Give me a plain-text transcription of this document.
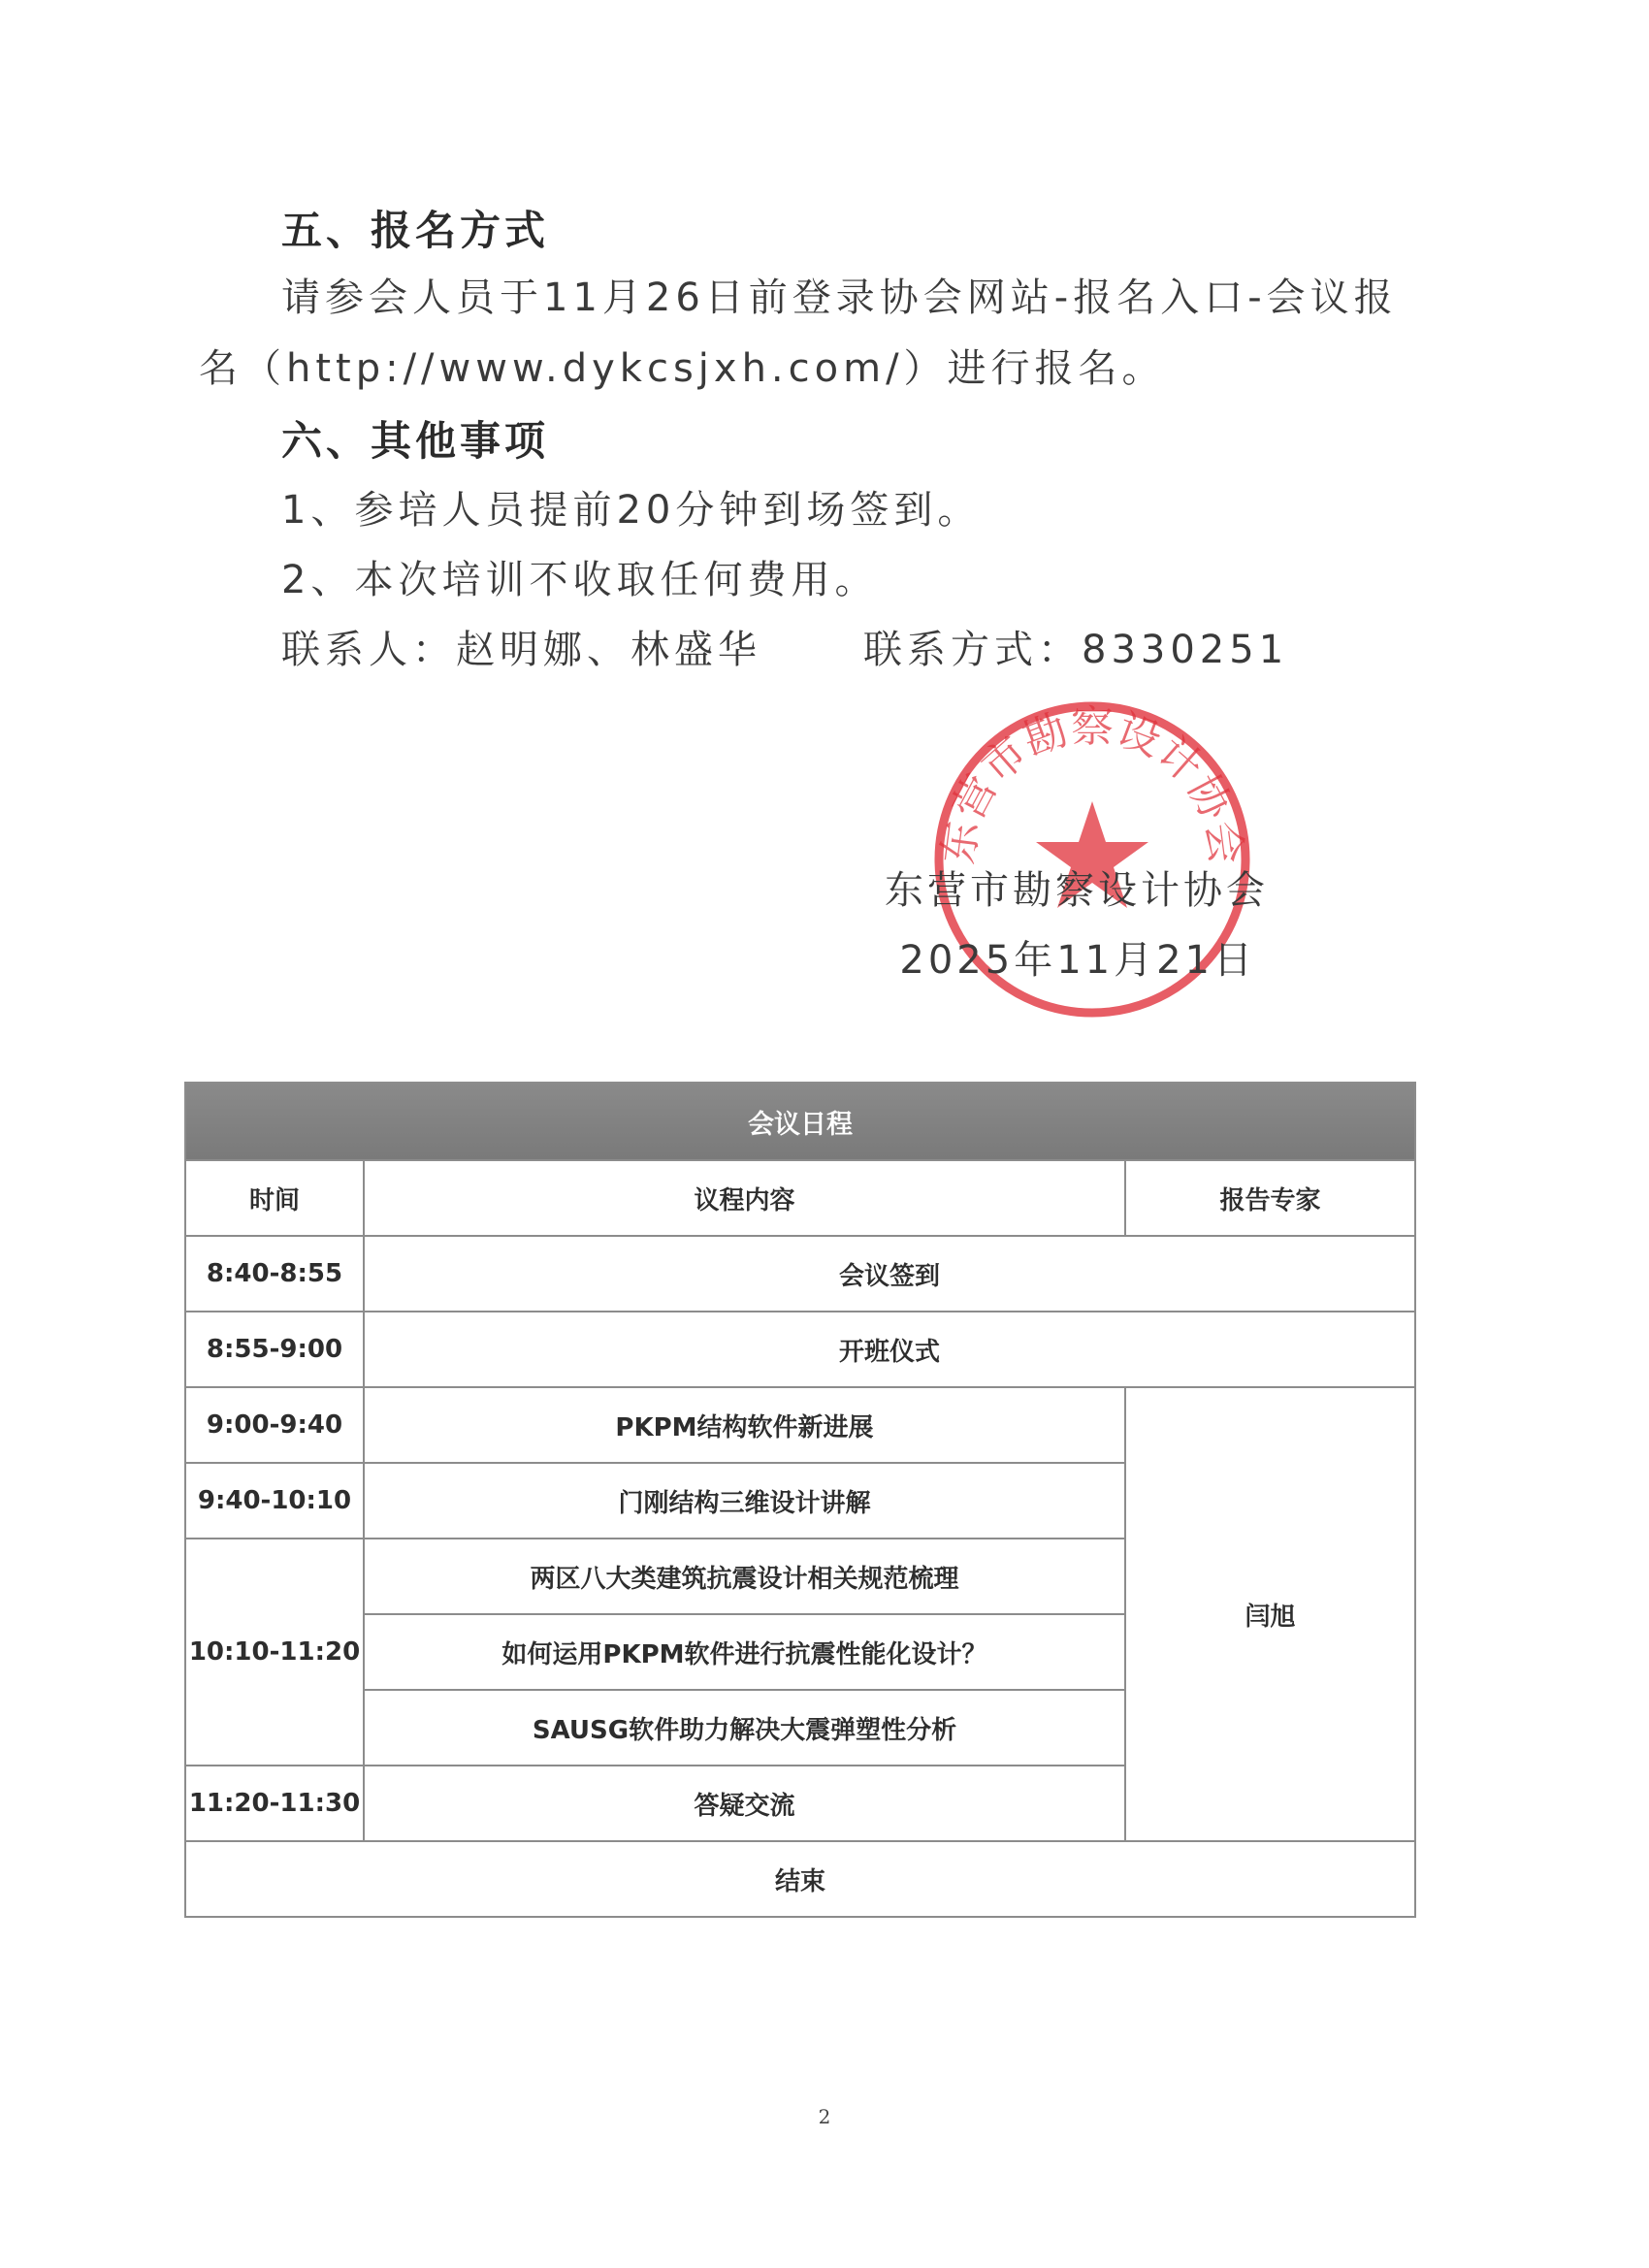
五、报名方式
请参会人员于11月26日前登录协会网站-报名入口-会议报
名（http://www.dykcsjxh.com/）进行报名。
六、其他事项
1、参培人员提前20分钟到场签到。
2、本次培训不收取任何费用。
联系人：赵明娜、林盛华	联系方式：8330251
东营市勘察设计协会
东营市勘察设计协会
2025年11月21日
会议日程		
时间	议程内容	报告专家
8:40-8:55	会议签到	
8:55-9:00	开班仪式	
9:00-9:40	PKPM结构软件新进展	闫旭
9:40-10:10	门刚结构三维设计讲解	
10:10-11:20	两区八大类建筑抗震设计相关规范梳理	
	如何运用PKPM软件进行抗震性能化设计？	
	SAUSG软件助力解决大震弹塑性分析	
11:20-11:30	答疑交流	
结束		
2
